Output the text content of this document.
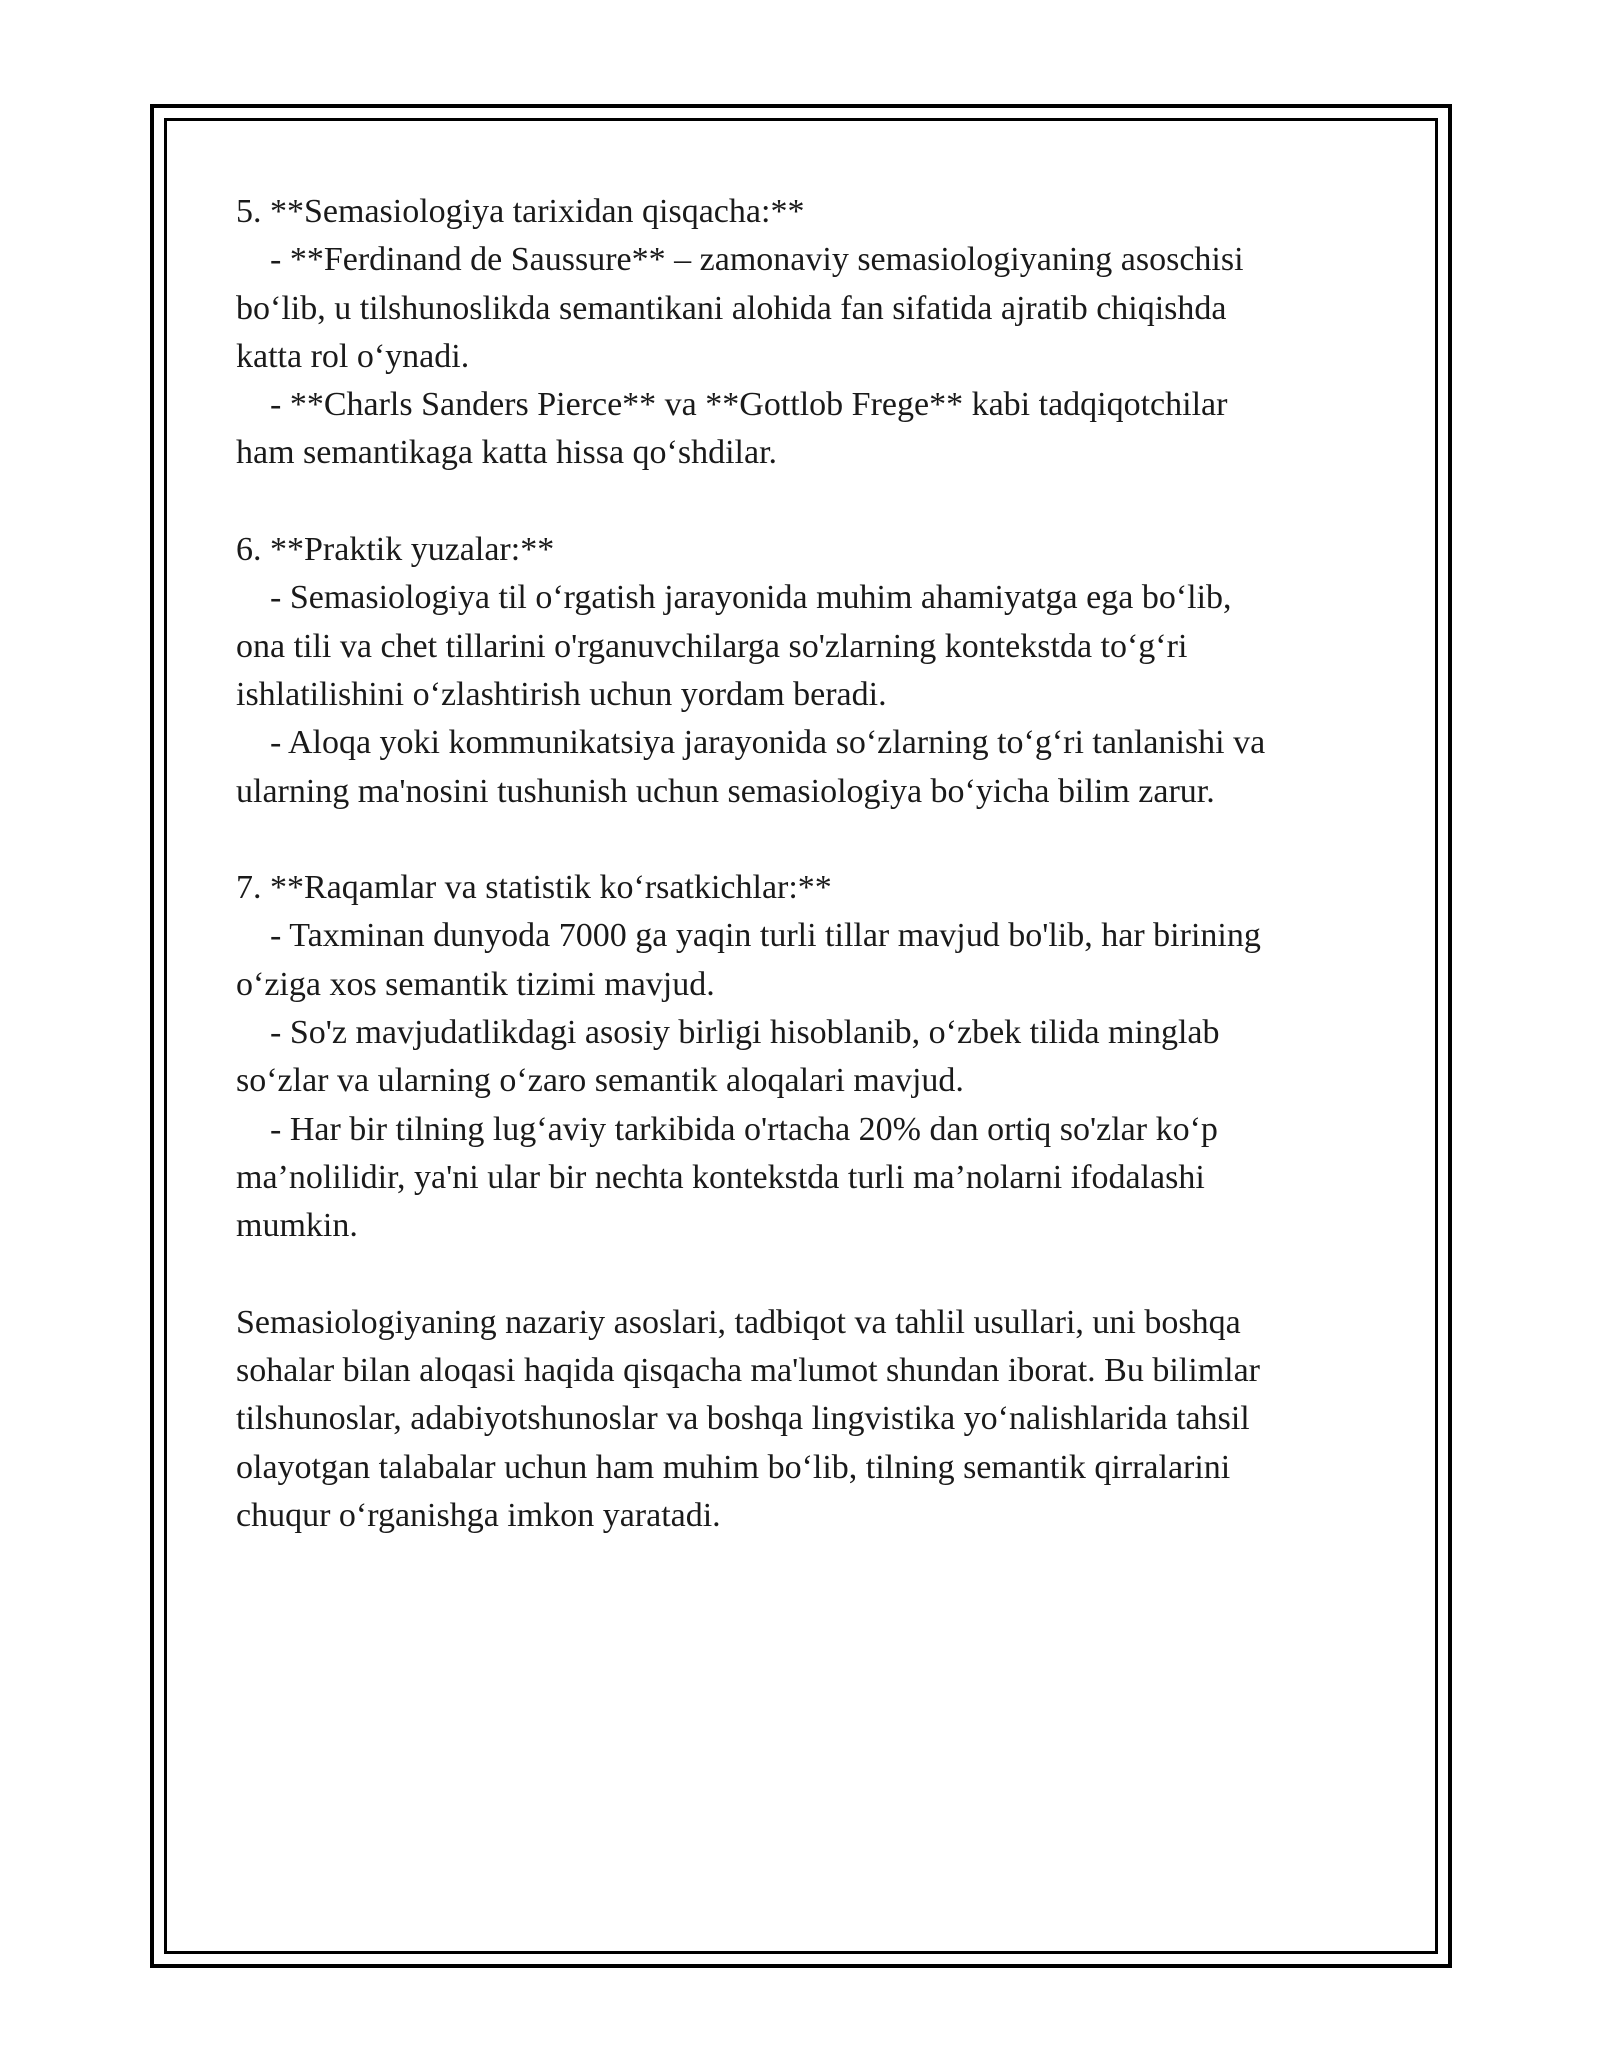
5. **Semasiologiya tarixidan qisqacha:**

- **Ferdinand de Saussure** – zamonaviy semasiologiyaning asoschisi

bo‘lib, u tilshunoslikda semantikani alohida fan sifatida ajratib chiqishda

katta rol o‘ynadi.

- **Charls Sanders Pierce** va **Gottlob Frege** kabi tadqiqotchilar

ham semantikaga katta hissa qo‘shdilar.

6. **Praktik yuzalar:**

- Semasiologiya til o‘rgatish jarayonida muhim ahamiyatga ega bo‘lib,

ona tili va chet tillarini o'rganuvchilarga so'zlarning kontekstda to‘g‘ri

ishlatilishini o‘zlashtirish uchun yordam beradi.

- Aloqa yoki kommunikatsiya jarayonida so‘zlarning to‘g‘ri tanlanishi va

ularning ma'nosini tushunish uchun semasiologiya bo‘yicha bilim zarur.

7. **Raqamlar va statistik ko‘rsatkichlar:**

- Taxminan dunyoda 7000 ga yaqin turli tillar mavjud bo'lib, har birining

o‘ziga xos semantik tizimi mavjud.

- So'z mavjudatlikdagi asosiy birligi hisoblanib, o‘zbek tilida minglab

so‘zlar va ularning o‘zaro semantik aloqalari mavjud.

- Har bir tilning lug‘aviy tarkibida o'rtacha 20% dan ortiq so'zlar ko‘p

ma’nolilidir, ya'ni ular bir nechta kontekstda turli ma’nolarni ifodalashi

mumkin.

Semasiologiyaning nazariy asoslari, tadbiqot va tahlil usullari, uni boshqa

sohalar bilan aloqasi haqida qisqacha ma'lumot shundan iborat. Bu bilimlar

tilshunoslar, adabiyotshunoslar va boshqa lingvistika yo‘nalishlarida tahsil

olayotgan talabalar uchun ham muhim bo‘lib, tilning semantik qirralarini

chuqur o‘rganishga imkon yaratadi.
